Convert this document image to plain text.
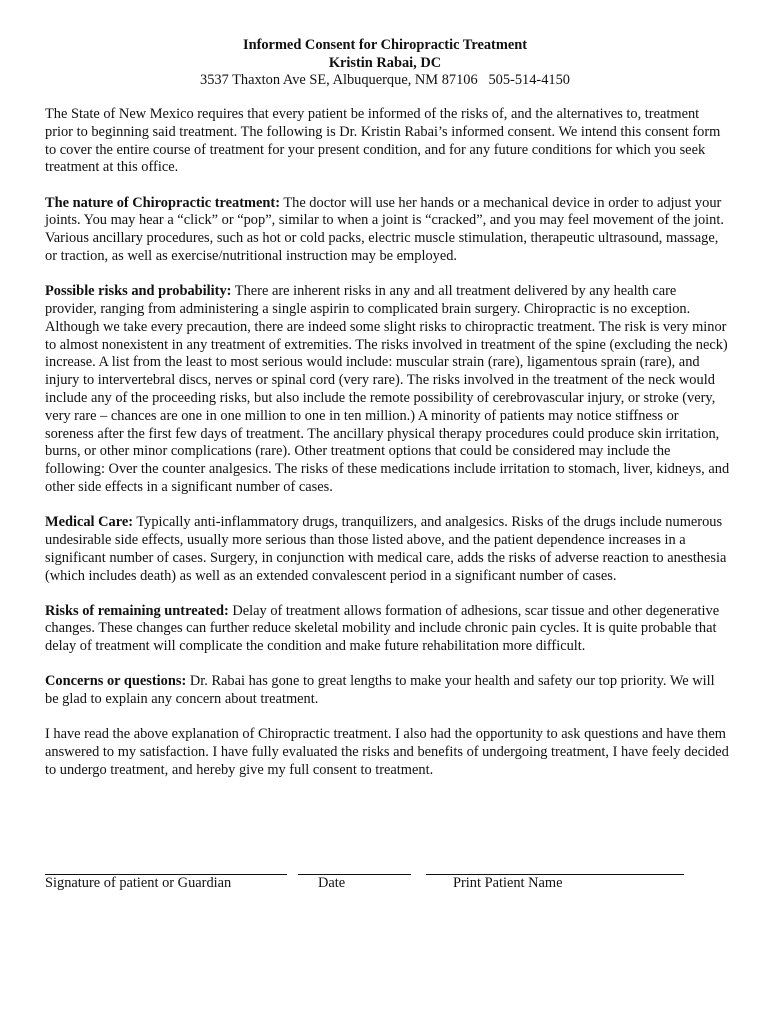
Informed Consent for Chiropractic Treatment
Kristin Rabai, DC
3537 Thaxton Ave SE, Albuquerque, NM 87106   505-514-4150

The State of New Mexico requires that every patient be informed of the risks of, and the alternatives to, treatment prior to beginning said treatment. The following is Dr. Kristin Rabai’s informed consent. We intend this consent form to cover the entire course of treatment for your present condition, and for any future conditions for which you seek treatment at this office.

The nature of Chiropractic treatment: The doctor will use her hands or a mechanical device in order to adjust your joints. You may hear a “click” or “pop”, similar to when a joint is “cracked”, and you may feel movement of the joint. Various ancillary procedures, such as hot or cold packs, electric muscle stimulation, therapeutic ultrasound, massage, or traction, as well as exercise/nutritional instruction may be employed.

Possible risks and probability: There are inherent risks in any and all treatment delivered by any health care provider, ranging from administering a single aspirin to complicated brain surgery. Chiropractic is no exception. Although we take every precaution, there are indeed some slight risks to chiropractic treatment. The risk is very minor to almost nonexistent in any treatment of extremities. The risks involved in treatment of the spine (excluding the neck) increase. A list from the least to most serious would include: muscular strain (rare), ligamentous sprain (rare), and injury to intervertebral discs, nerves or spinal cord (very rare). The risks involved in the treatment of the neck would include any of the proceeding risks, but also include the remote possibility of cerebrovascular injury, or stroke (very, very rare – chances are one in one million to one in ten million.) A minority of patients may notice stiffness or soreness after the first few days of treatment. The ancillary physical therapy procedures could produce skin irritation, burns, or other minor complications (rare). Other treatment options that could be considered may include the following: Over the counter analgesics. The risks of these medications include irritation to stomach, liver, kidneys, and other side effects in a significant number of cases.

Medical Care: Typically anti-inflammatory drugs, tranquilizers, and analgesics. Risks of the drugs include numerous undesirable side effects, usually more serious than those listed above, and the patient dependence increases in a significant number of cases. Surgery, in conjunction with medical care, adds the risks of adverse reaction to anesthesia (which includes death) as well as an extended convalescent period in a significant number of cases.

Risks of remaining untreated: Delay of treatment allows formation of adhesions, scar tissue and other degenerative changes. These changes can further reduce skeletal mobility and include chronic pain cycles. It is quite probable that delay of treatment will complicate the condition and make future rehabilitation more difficult.

Concerns or questions: Dr. Rabai has gone to great lengths to make your health and safety our top priority. We will be glad to explain any concern about treatment.

I have read the above explanation of Chiropractic treatment. I also had the opportunity to ask questions and have them answered to my satisfaction. I have fully evaluated the risks and benefits of undergoing treatment, I have feely decided to undergo treatment, and hereby give my full consent to treatment.

Signature of patient or Guardian	Date	Print Patient Name
